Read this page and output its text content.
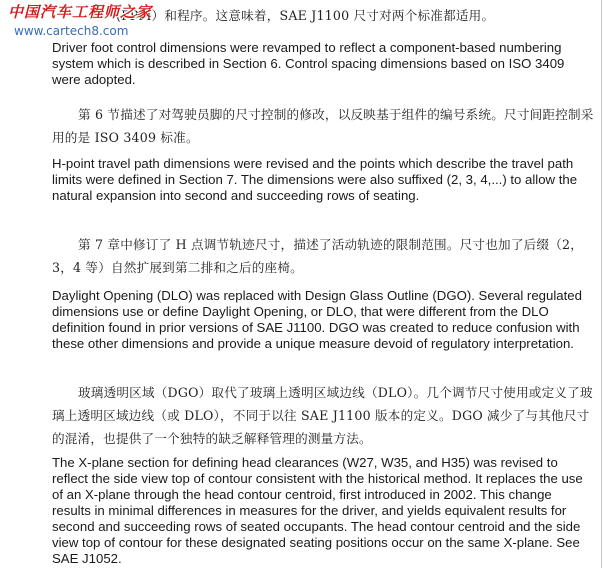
中国汽车工程师之家
www.cartech8.com

(PPM）和程序。这意味着，SAE J1100 尺寸对两个标准都适用。

Driver foot control dimensions were revamped to reflect a component-based numbering system which is described in Section 6. Control spacing dimensions based on ISO 3409 were adopted.

第 6 节描述了对驾驶员脚的尺寸控制的修改，以反映基于组件的编号系统。尺寸间距控制采用的是 ISO 3409 标准。

H-point travel path dimensions were revised and the points which describe the travel path limits were defined in Section 7. The dimensions were also suffixed (2, 3, 4,...) to allow the natural expansion into second and succeeding rows of seating.

第 7 章中修订了 H 点调节轨迹尺寸，描述了活动轨迹的限制范围。尺寸也加了后缀（2，3，4 等）自然扩展到第二排和之后的座椅。

Daylight Opening (DLO) was replaced with Design Glass Outline (DGO). Several regulated dimensions use or define Daylight Opening, or DLO, that were different from the DLO definition found in prior versions of SAE J1100. DGO was created to reduce confusion with these other dimensions and provide a unique measure devoid of regulatory interpretation.

玻璃透明区域（DGO）取代了玻璃上透明区域边线（DLO）。几个调节尺寸使用或定义了玻璃上透明区域边线（或 DLO），不同于以往 SAE J1100 版本的定义。DGO 减少了与其他尺寸的混淆，也提供了一个独特的缺乏解释管理的测量方法。

The X-plane section for defining head clearances (W27, W35, and H35) was revised to reflect the side view top of contour consistent with the historical method. It replaces the use of an X-plane through the head contour centroid, first introduced in 2002. This change results in minimal differences in measures for the driver, and yields equivalent results for second and succeeding rows of seated occupants. The head contour centroid and the side view top of contour for these designated seating positions occur on the same X-plane. See SAE J1052.
